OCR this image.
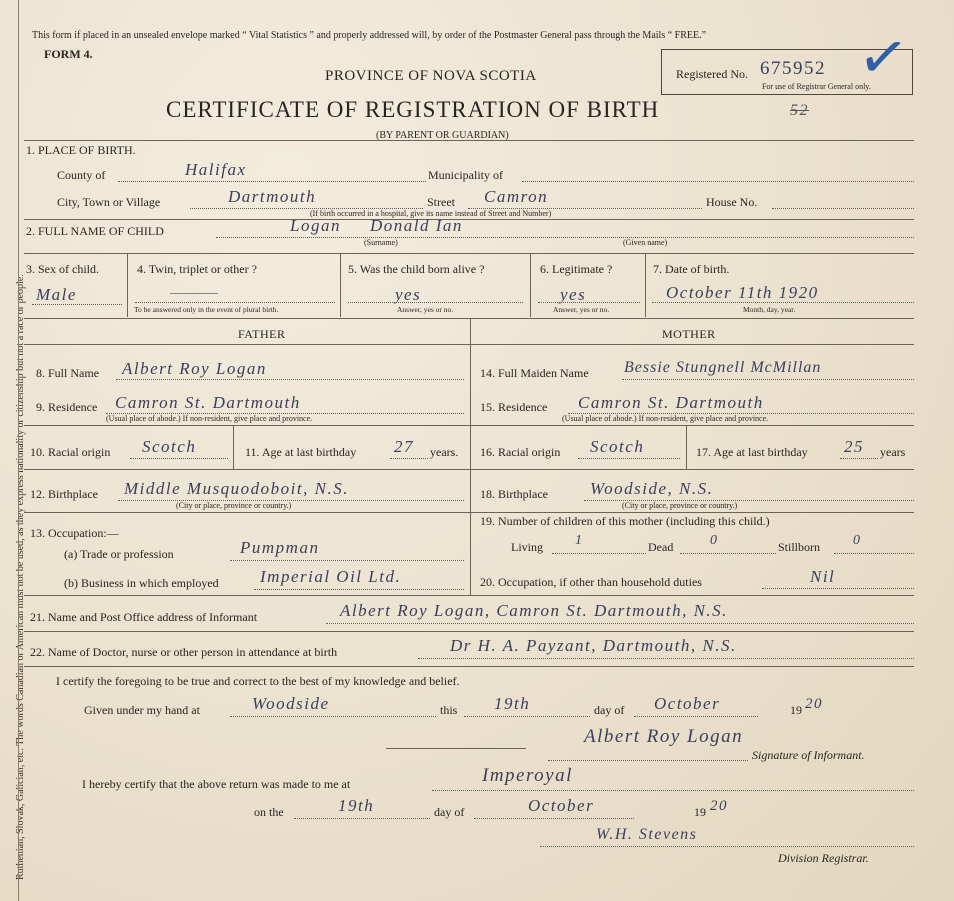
Ruthenian, Slovak, Galician, etc. The words Canadian or American must not be used, as they express nationality or citizenship but not a race or people.
This form if placed in an unsealed envelope marked “ Vital Statistics ” and properly addressed will, by order of the Postmaster General pass through the Mails “ FREE.”
FORM 4.
PROVINCE OF NOVA SCOTIA
CERTIFICATE OF REGISTRATION OF BIRTH
(BY PARENT OR GUARDIAN)
52
Registered No. 675952
For use of Registrar General only.
✓
1. PLACE OF BIRTH.
County of	Halifax	Municipality of
City, Town or Village	Dartmouth	Street Camron	House No.
(If birth occurred in a hospital, give its name instead of Street and Number)
2. FULL NAME OF CHILD	Logan Donald Ian
(Surname)	(Given name)
3. Sex of child.
Male
4. Twin, triplet or other ?
————
To be answered only in the event of plural birth.
5. Was the child born alive ?
yes
Answer, yes or no.
6. Legitimate ?
yes
Answer, yes or no.
7. Date of birth.
October 11th 1920
Month, day, year.
FATHER	MOTHER
8. Full Name Albert Roy Logan
9. Residence Camron St. Dartmouth
(Usual place of abode.) If non-resident, give place and province.
10. Racial origin Scotch	11. Age at last birthday 27 years.
12. Birthplace Middle Musquodoboit, N.S.
(City or place, province or country.)
13. Occupation:—
(a) Trade or profession	Pumpman
(b) Business in which employed Imperial Oil Ltd.
14. Full Maiden Name Bessie Stungnell McMillan
15. Residence Camron St. Dartmouth
(Usual place of abode.) If non-resident, give place and province.
16. Racial origin Scotch	17. Age at last birthday 25 years
18. Birthplace Woodside, N.S.
(City or place, province or country.)
19. Number of children of this mother (including this child.)
Living 1	Dead	0	Stillborn 0
20. Occupation, if other than household duties	Nil
21. Name and Post Office address of Informant	Albert Roy Logan, Camron St. Dartmouth, N.S.
22. Name of Doctor, nurse or other person in attendance at birth	Dr H. A. Payzant, Dartmouth, N.S.
I certify the foregoing to be true and correct to the best of my knowledge and belief.
Given under my hand at	Woodside	this 19th	day of October	19 20
Albert Roy Logan
Signature of Informant.
I hereby certify that the above return was made to me at	Imperoyal
on the	19th	day of	October	19 20
W.H. Stevens
Division Registrar.
